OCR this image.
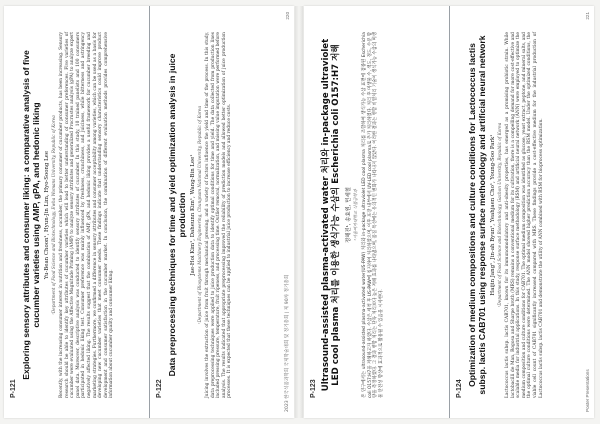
P-121
Exploring sensory attributes and consumer liking: a comparative analysis of five cucumber varieties using AMP, gPA, and hedonic liking Yu-Bean Choon¹, Hyun-Jin Lim, Hyo-Soong Lee ¹Department of Food Science and Biotechnology, Ewha Womans University, Republic of Korea Recently, with the increasing consumer interest in nutrition and freshness, cucumber, the primary consumer of cucumber products, has been increasing. Sensory research should be able to identify key attributes of cucumber varieties which will lead to better understanding of consumer preferences. Five varieties of cucumber were evaluated using the Affective Magnitude Priming (AMP) to analyze sensory attributes and generalized Procrustes analysis (gPA) to analyze expert panel data. Moreover, descriptive analysis was conducted to identify sensory attributes of cucumber. In this study, 10 trained panelists and 100 consumers participated in hedonic liking test. Consumer preference was mainly influenced by freshness, crunchiness, and juiciness, while bitterness and astringency negatively affected liking. The results suggest that the combination of AMP, gPA, and hedonic liking provides a useful framework for cucumber breeding and marketing strategies. Furthermore, we confirmed a difference in sensory attributes and consumer acceptability among varieties, which can be used as a basis for developing new cucumber varieties that meet consumer needs. These findings indicate that understanding sensory characteristics could improve product development and consumer satisfaction in the cucumber market. In conclusion, the combination of different evaluation methods provides comprehensive information about cucumber quality and consumer liking.	P-122
Data preprocessing techniques for time and yield optimization analysis in juice production Jae-Hoi Kim¹, Daheunn Kim¹, Wang-Bin Lee¹ ¹Department of Biosystems Machinery Engineering, Chungnam National University, Republic of Korea Juicing involves the extraction of juice from fruit through mechanical pressing, and a variety of factors influence the yield and time of the process. In this study, data preprocessing techniques were applied to juice production data to identify optimal conditions for time and yield. The data collected from production lines included pressing pressure, temperature, fruit ripeness, and processing time. Outlier removal, normalization, and missing value imputation were performed before analysis. The results indicated that appropriate preprocessing improved the reliability of prediction models and allowed better optimization of juice production processes. It is expected that these techniques can be applied to industrial juice production to increase efficiency and reduce costs.	2023 한국식품과학회 국제학술대회 및 정기총회 | 제 90차 정기총회
220
P-123 Ultrasound-assisted plasma-activated water 처리와 in-package ultraviolet LED cool plasma 처리를 이용한 생식가능 수삼의 Escherichia coli O157:H7 저해 정해진¹, 송효원, 민세철 ¹서울여자대학교 식품공학과 본 연구에서는 ultrasound-assisted plasma-activated water(US-PAW) 처리와 in-package ultraviolet LED cool plasma 처리를 조합하여 생식가능 수삼 표면에 접종된 Escherichia coli O157:H7을 저해하고자 하였다. 수삼은 세척 후 US-PAW에 침지하여 처리하였으며, 이후 포장 내부에서 UV-LED cool plasma로 추가 처리하였다. 처리 후 미생물 수, 색도, 경도, 수분 함량을 측정하였다. 그 결과 병합 처리는 단독 처리보다 높은 저해 효과를 나타냈으며, 품질 특성에는 유의적인 변화가 나타나지 않았다. 이러한 결과는 병합 비열처리 기술이 생식가능 수삼의 미생물 안전성 향상에 효과적으로 활용될 수 있음을 시사한다.	P-124
Optimization of medium compositions and culture conditions for Lactococcus lactis subsp. lactis CAB701 using response surface methodology and artificial neural network Haijin Jang¹, Jin-ah Byun¹, Yeahjaen Cho¹, Young-Soo Park¹ ¹Department of Food Science and Biotechnology, Gachon University, Republic of Korea Lactococcus lactis subsp. lactis CAB701, known for its immunomodulatory and anti-obesity properties, has emerged as a promising probiotic strain. While lactobacilli de Man, Rogosa and Sharpe broth (MRS) remains a conventional medium for its cultivation, there is a compelling demand for more cost-effective and scalable media for industrial applications. In this study, response surface methodology (RSM) and artificial neural network (ANN) were employed to optimize the medium composition and culture conditions for CAB701. The optimal medium composition was identified as glucose, yeast extract, peptone, and mineral salts, and the optimal culture conditions were determined. The ANN model showed higher prediction accuracy than the RSM model. Under the optimized conditions, the viable cell count of CAB701 significantly increased compared with MRS. These findings provide a cost-effective medium for the industrial production of Lactococcus lactis subsp. lactis CAB701 and demonstrate the utility of ANN combined with RSM for bioprocess optimization.	Poster Presentations
221
